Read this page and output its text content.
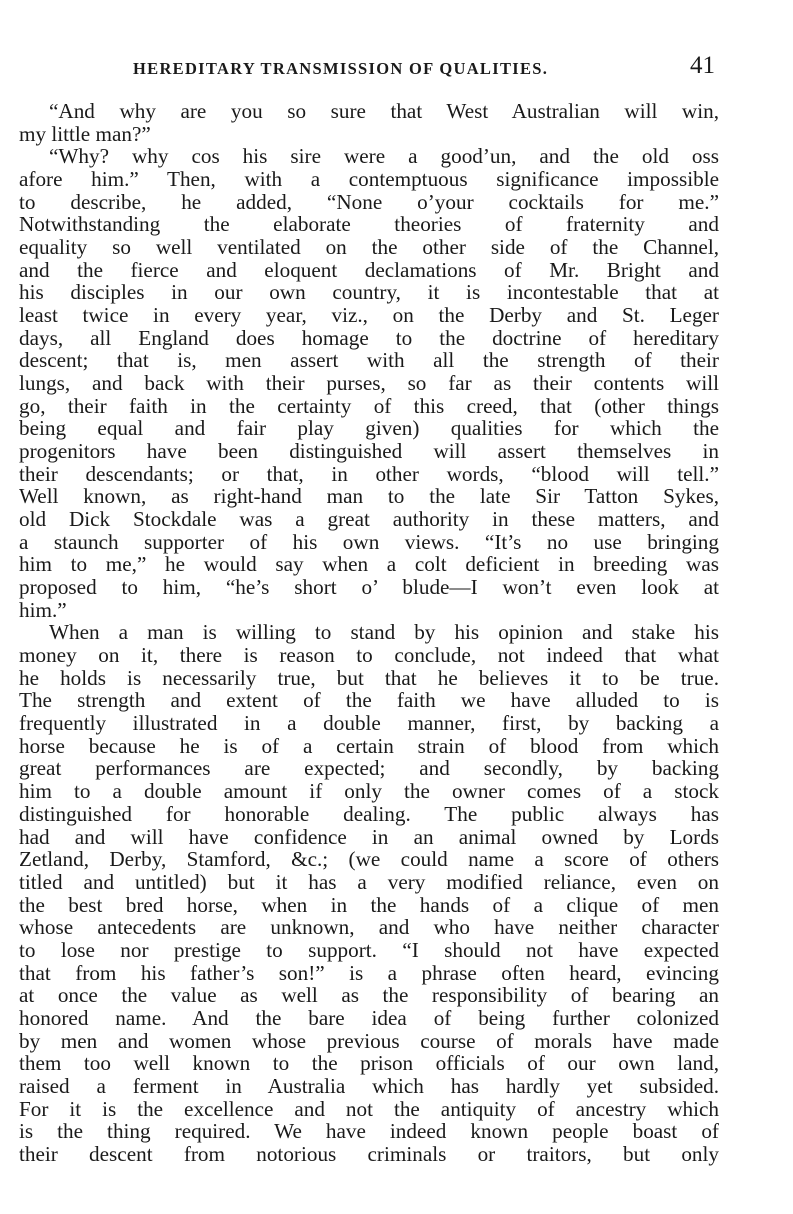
HEREDITARY TRANSMISSION OF QUALITIES.	41
“And why are you so sure that West Australian will win,
my little man?”
“Why? why cos his sire were a good’un, and the old oss
afore him.” Then, with a contemptuous significance impossible
to describe, he added, “None o’your cocktails for me.”
Notwithstanding the elaborate theories of fraternity and
equality so well ventilated on the other side of the Channel,
and the fierce and eloquent declamations of Mr. Bright and
his disciples in our own country, it is incontestable that at
least twice in every year, viz., on the Derby and St. Leger
days, all England does homage to the doctrine of hereditary
descent; that is, men assert with all the strength of their
lungs, and back with their purses, so far as their contents will
go, their faith in the certainty of this creed, that (other things
being equal and fair play given) qualities for which the
progenitors have been distinguished will assert themselves in
their descendants; or that, in other words, “blood will tell.”
Well known, as right-hand man to the late Sir Tatton Sykes,
old Dick Stockdale was a great authority in these matters, and
a staunch supporter of his own views. “It’s no use bringing
him to me,” he would say when a colt deficient in breeding was
proposed to him, “he’s short o’ blude—I won’t even look at
him.”
When a man is willing to stand by his opinion and stake his
money on it, there is reason to conclude, not indeed that what
he holds is necessarily true, but that he believes it to be true.
The strength and extent of the faith we have alluded to is
frequently illustrated in a double manner, first, by backing a
horse because he is of a certain strain of blood from which
great performances are expected; and secondly, by backing
him to a double amount if only the owner comes of a stock
distinguished for honorable dealing. The public always has
had and will have confidence in an animal owned by Lords
Zetland, Derby, Stamford, &c.; (we could name a score of others
titled and untitled) but it has a very modified reliance, even on
the best bred horse, when in the hands of a clique of men
whose antecedents are unknown, and who have neither character
to lose nor prestige to support. “I should not have expected
that from his father’s son!” is a phrase often heard, evincing
at once the value as well as the responsibility of bearing an
honored name. And the bare idea of being further colonized
by men and women whose previous course of morals have made
them too well known to the prison officials of our own land,
raised a ferment in Australia which has hardly yet subsided.
For it is the excellence and not the antiquity of ancestry which
is the thing required. We have indeed known people boast of
their descent from notorious criminals or traitors, but only
